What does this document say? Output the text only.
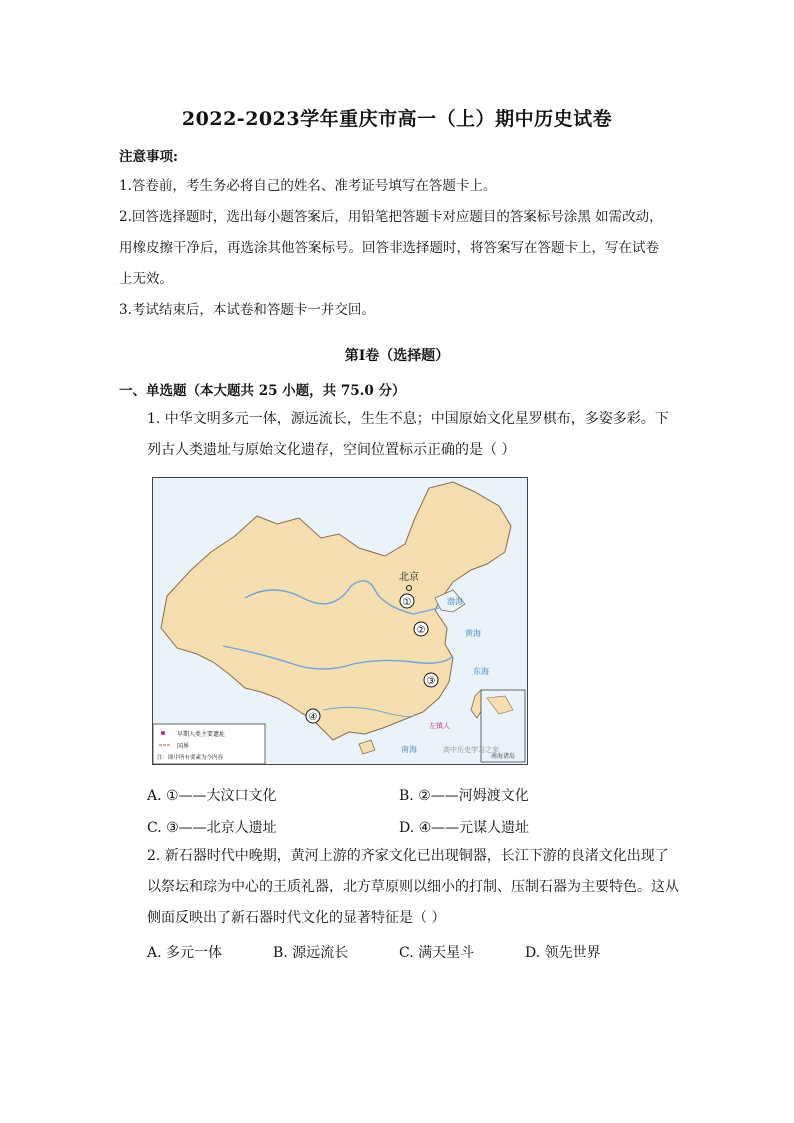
2022-2023学年重庆市高一（上）期中历史试卷
注意事项:
1.答卷前，考生务必将自己的姓名、准考证号填写在答题卡上。
2.回答选择题时，选出每小题答案后，用铅笔把答题卡对应题目的答案标号涂黑 如需改动，
用橡皮擦干净后，再选涂其他答案标号。回答非选择题时，将答案写在答题卡上，写在试卷
上无效。
3.考试结束后，本试卷和答题卡一并交回。
第Ⅰ卷（选择题）
一、单选题（本大题共 25 小题，共 75.0 分）
1. 中华文明多元一体，源远流长，生生不息；中国原始文化星罗棋布，多姿多彩。下
列古人类遗址与原始文化遗存，空间位置标示正确的是（ ）
北京
①
②
③
④
渤海
黄海
东海
南海
左镇人
南海诸岛
早期人类主要遗址
国界
注：图中所有要素为今内容
高中历史学习之家
A. ①——大汶口文化	B. ②——河姆渡文化
C. ③——北京人遗址	D. ④——元谋人遗址
2. 新石器时代中晚期，黄河上游的齐家文化已出现铜器，长江下游的良渚文化出现了
以祭坛和琮为中心的王质礼器，北方草原则以细小的打制、压制石器为主要特色。这从
侧面反映出了新石器时代文化的显著特征是（ ）
A. 多元一体	B. 源远流长	C. 满天星斗	D. 领先世界
